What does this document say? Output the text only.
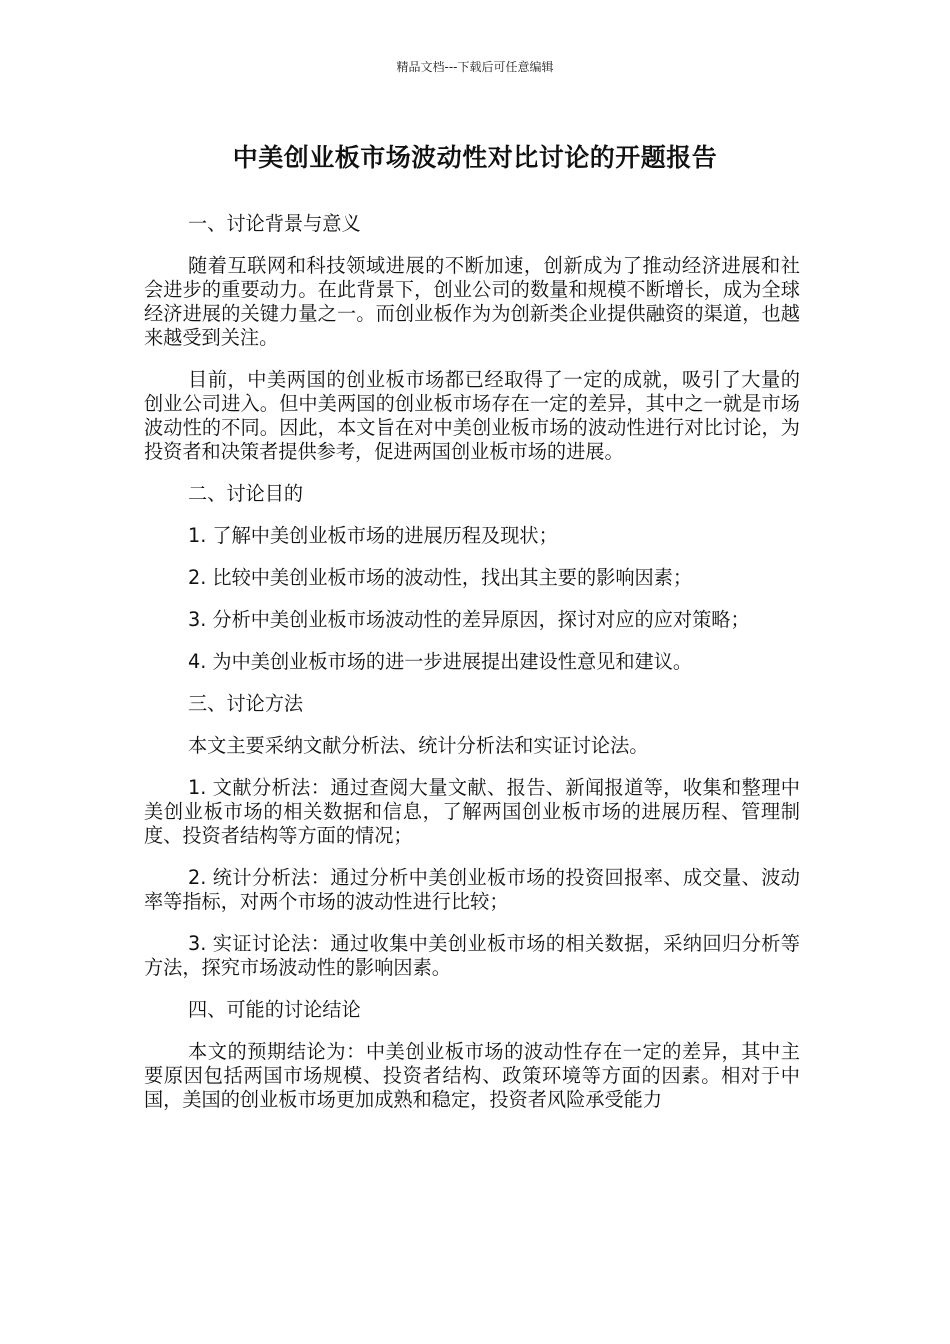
精品文档---下载后可任意编辑
中美创业板市场波动性对比讨论的开题报告

一、讨论背景与意义

随着互联网和科技领域进展的不断加速，创新成为了推动经济进展和社会进步的重要动力。在此背景下，创业公司的数量和规模不断增长，成为全球经济进展的关键力量之一。而创业板作为为创新类企业提供融资的渠道，也越来越受到关注。

目前，中美两国的创业板市场都已经取得了一定的成就，吸引了大量的创业公司进入。但中美两国的创业板市场存在一定的差异，其中之一就是市场波动性的不同。因此，本文旨在对中美创业板市场的波动性进行对比讨论，为投资者和决策者提供参考，促进两国创业板市场的进展。

二、讨论目的

1. 了解中美创业板市场的进展历程及现状；

2. 比较中美创业板市场的波动性，找出其主要的影响因素；

3. 分析中美创业板市场波动性的差异原因，探讨对应的应对策略；

4. 为中美创业板市场的进一步进展提出建设性意见和建议。

三、讨论方法

本文主要采纳文献分析法、统计分析法和实证讨论法。

1. 文献分析法：通过查阅大量文献、报告、新闻报道等，收集和整理中美创业板市场的相关数据和信息，了解两国创业板市场的进展历程、管理制度、投资者结构等方面的情况；

2. 统计分析法：通过分析中美创业板市场的投资回报率、成交量、波动率等指标，对两个市场的波动性进行比较；

3. 实证讨论法：通过收集中美创业板市场的相关数据，采纳回归分析等方法，探究市场波动性的影响因素。

四、可能的讨论结论

本文的预期结论为：中美创业板市场的波动性存在一定的差异，其中主要原因包括两国市场规模、投资者结构、政策环境等方面的因素。相对于中国，美国的创业板市场更加成熟和稳定，投资者风险承受能力
